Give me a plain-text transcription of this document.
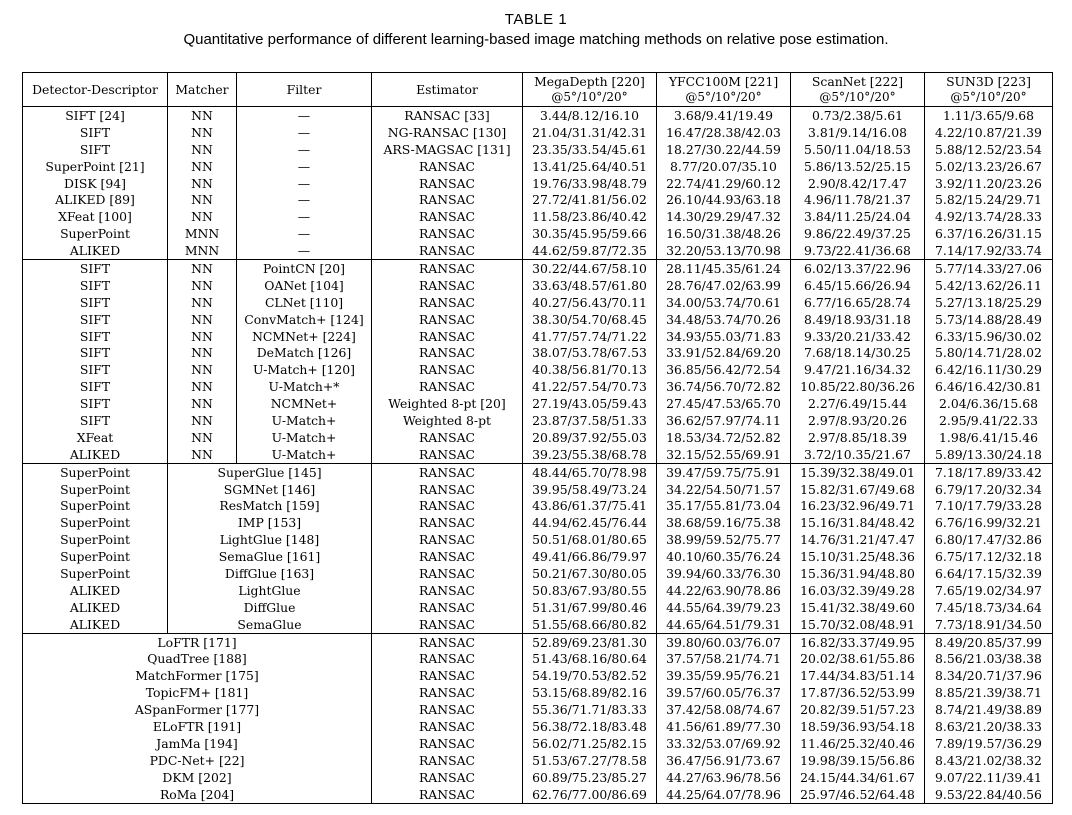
TABLE 1
Quantitative performance of different learning-based image matching methods on relative pose estimation.
Detector-Descriptor	Matcher	Filter	Estimator	MegaDepth [220]	YFCC100M [221]	ScanNet [222]	SUN3D [223]
				@5°/10°/20°	@5°/10°/20°	@5°/10°/20°	@5°/10°/20°
SIFT [24]	NN	—	RANSAC [33]	3.44/8.12/16.10	3.68/9.41/19.49	0.73/2.38/5.61	1.11/3.65/9.68
SIFT	NN	—	NG-RANSAC [130]	21.04/31.31/42.31	16.47/28.38/42.03	3.81/9.14/16.08	4.22/10.87/21.39
SIFT	NN	—	ARS-MAGSAC [131]	23.35/33.54/45.61	18.27/30.22/44.59	5.50/11.04/18.53	5.88/12.52/23.54
SuperPoint [21]	NN	—	RANSAC	13.41/25.64/40.51	8.77/20.07/35.10	5.86/13.52/25.15	5.02/13.23/26.67
DISK [94]	NN	—	RANSAC	19.76/33.98/48.79	22.74/41.29/60.12	2.90/8.42/17.47	3.92/11.20/23.26
ALIKED [89]	NN	—	RANSAC	27.72/41.81/56.02	26.10/44.93/63.18	4.96/11.78/21.37	5.82/15.24/29.71
XFeat [100]	NN	—	RANSAC	11.58/23.86/40.42	14.30/29.29/47.32	3.84/11.25/24.04	4.92/13.74/28.33
SuperPoint	MNN	—	RANSAC	30.35/45.95/59.66	16.50/31.38/48.26	9.86/22.49/37.25	6.37/16.26/31.15
ALIKED	MNN	—	RANSAC	44.62/59.87/72.35	32.20/53.13/70.98	9.73/22.41/36.68	7.14/17.92/33.74
SIFT	NN	PointCN [20]	RANSAC	30.22/44.67/58.10	28.11/45.35/61.24	6.02/13.37/22.96	5.77/14.33/27.06
SIFT	NN	OANet [104]	RANSAC	33.63/48.57/61.80	28.76/47.02/63.99	6.45/15.66/26.94	5.42/13.62/26.11
SIFT	NN	CLNet [110]	RANSAC	40.27/56.43/70.11	34.00/53.74/70.61	6.77/16.65/28.74	5.27/13.18/25.29
SIFT	NN	ConvMatch+ [124]	RANSAC	38.30/54.70/68.45	34.48/53.74/70.26	8.49/18.93/31.18	5.73/14.88/28.49
SIFT	NN	NCMNet+ [224]	RANSAC	41.77/57.74/71.22	34.93/55.03/71.83	9.33/20.21/33.42	6.33/15.96/30.02
SIFT	NN	DeMatch [126]	RANSAC	38.07/53.78/67.53	33.91/52.84/69.20	7.68/18.14/30.25	5.80/14.71/28.02
SIFT	NN	U-Match+ [120]	RANSAC	40.38/56.81/70.13	36.85/56.42/72.54	9.47/21.16/34.32	6.42/16.11/30.29
SIFT	NN	U-Match+*	RANSAC	41.22/57.54/70.73	36.74/56.70/72.82	10.85/22.80/36.26	6.46/16.42/30.81
SIFT	NN	NCMNet+	Weighted 8-pt [20]	27.19/43.05/59.43	27.45/47.53/65.70	2.27/6.49/15.44	2.04/6.36/15.68
SIFT	NN	U-Match+	Weighted 8-pt	23.87/37.58/51.33	36.62/57.97/74.11	2.97/8.93/20.26	2.95/9.41/22.33
XFeat	NN	U-Match+	RANSAC	20.89/37.92/55.03	18.53/34.72/52.82	2.97/8.85/18.39	1.98/6.41/15.46
ALIKED	NN	U-Match+	RANSAC	39.23/55.38/68.78	32.15/52.55/69.91	3.72/10.35/21.67	5.89/13.30/24.18
SuperPoint	SuperGlue [145]		RANSAC	48.44/65.70/78.98	39.47/59.75/75.91	15.39/32.38/49.01	7.18/17.89/33.42
SuperPoint	SGMNet [146]		RANSAC	39.95/58.49/73.24	34.22/54.50/71.57	15.82/31.67/49.68	6.79/17.20/32.34
SuperPoint	ResMatch [159]		RANSAC	43.86/61.37/75.41	35.17/55.81/73.04	16.23/32.96/49.71	7.10/17.79/33.28
SuperPoint	IMP [153]		RANSAC	44.94/62.45/76.44	38.68/59.16/75.38	15.16/31.84/48.42	6.76/16.99/32.21
SuperPoint	LightGlue [148]		RANSAC	50.51/68.01/80.65	38.99/59.52/75.77	14.76/31.21/47.47	6.80/17.47/32.86
SuperPoint	SemaGlue [161]		RANSAC	49.41/66.86/79.97	40.10/60.35/76.24	15.10/31.25/48.36	6.75/17.12/32.18
SuperPoint	DiffGlue [163]		RANSAC	50.21/67.30/80.05	39.94/60.33/76.30	15.36/31.94/48.80	6.64/17.15/32.39
ALIKED	LightGlue		RANSAC	50.83/67.93/80.55	44.22/63.90/78.86	16.03/32.39/49.28	7.65/19.02/34.97
ALIKED	DiffGlue		RANSAC	51.31/67.99/80.46	44.55/64.39/79.23	15.41/32.38/49.60	7.45/18.73/34.64
ALIKED	SemaGlue		RANSAC	51.55/68.66/80.82	44.65/64.51/79.31	15.70/32.08/48.91	7.73/18.91/34.50
LoFTR [171]			RANSAC	52.89/69.23/81.30	39.80/60.03/76.07	16.82/33.37/49.95	8.49/20.85/37.99
QuadTree [188]			RANSAC	51.43/68.16/80.64	37.57/58.21/74.71	20.02/38.61/55.86	8.56/21.03/38.38
MatchFormer [175]			RANSAC	54.19/70.53/82.52	39.35/59.95/76.21	17.44/34.83/51.14	8.34/20.71/37.96
TopicFM+ [181]			RANSAC	53.15/68.89/82.16	39.57/60.05/76.37	17.87/36.52/53.99	8.85/21.39/38.71
ASpanFormer [177]			RANSAC	55.36/71.71/83.33	37.42/58.08/74.67	20.82/39.51/57.23	8.74/21.49/38.89
ELoFTR [191]			RANSAC	56.38/72.18/83.48	41.56/61.89/77.30	18.59/36.93/54.18	8.63/21.20/38.33
JamMa [194]			RANSAC	56.02/71.25/82.15	33.32/53.07/69.92	11.46/25.32/40.46	7.89/19.57/36.29
PDC-Net+ [22]			RANSAC	51.53/67.27/78.58	36.47/56.91/73.67	19.98/39.15/56.86	8.43/21.02/38.32
DKM [202]			RANSAC	60.89/75.23/85.27	44.27/63.96/78.56	24.15/44.34/61.67	9.07/22.11/39.41
RoMa [204]			RANSAC	62.76/77.00/86.69	44.25/64.07/78.96	25.97/46.52/64.48	9.53/22.84/40.56
